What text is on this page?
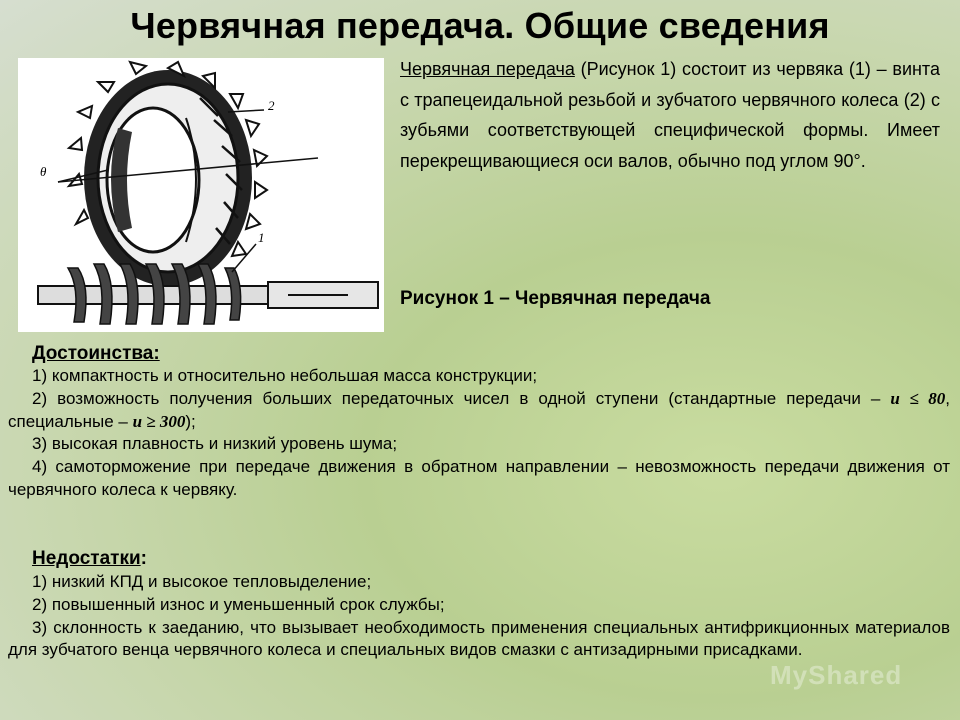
Червячная передача. Общие сведения
2
θ
1
Червячная передача (Рисунок 1) состоит из червяка (1) – винта с трапецеидальной резьбой и зубчатого червячного колеса (2) с зубьями соответствующей специфической формы. Имеет перекрещивающиеся оси валов, обычно под углом 90°.
Рисунок 1 – Червячная передача
Достоинства:

1) компактность и относительно небольшая масса конструкции;

2) возможность получения больших передаточных чисел в одной ступени (стандартные передачи – u ≤ 80, специальные – u ≥ 300);

3) высокая плавность и низкий уровень шума;

4) самоторможение при передаче движения в обратном направлении – невозможность передачи движения от червячного колеса к червяку.

Недостатки:

1) низкий КПД и высокое тепловыделение;

2) повышенный износ и уменьшенный срок службы;

3) склонность к заеданию, что вызывает необходимость применения специальных антифрикционных материалов для зубчатого венца червячного колеса и специальных видов смазки с антизадирными присадками.

MyShared
